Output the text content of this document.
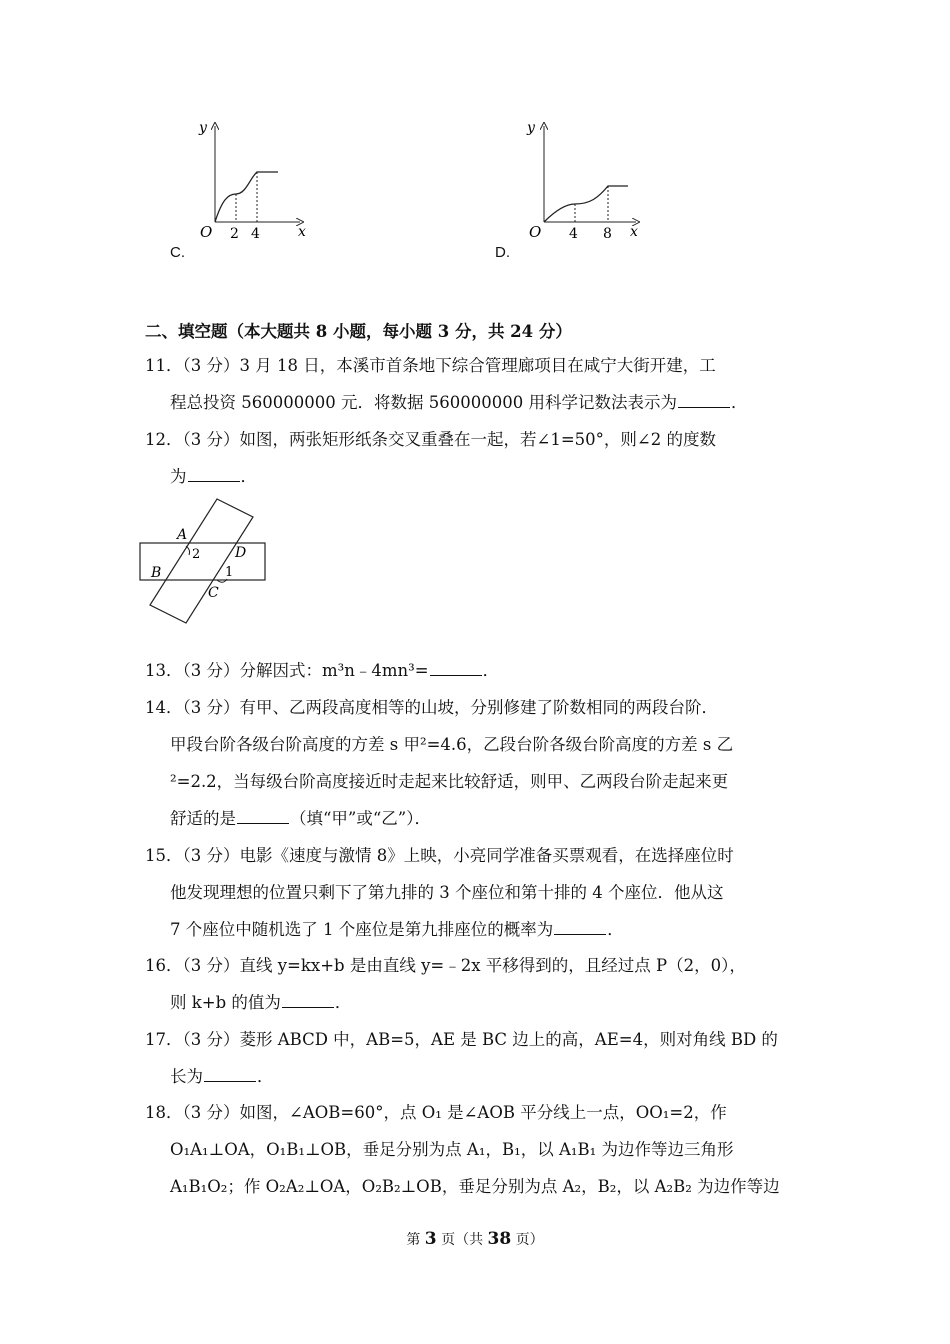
y
x
O 2 4
C.
y
x
O 4 8
D.
二、填空题（本大题共 8 小题，每小题 3 分，共 24 分）
11．（3 分）3 月 18 日，本溪市首条地下综合管理廊项目在咸宁大街开建，工
程总投资 560000000 元．将数据 560000000 用科学记数法表示为	．
12．（3 分）如图，两张矩形纸条交叉重叠在一起，若∠1=50°，则∠2 的度数
为	．
A
B
C
D
2
1
13．（3 分）分解因式：m³n﹣4mn³=	．
14．（3 分）有甲、乙两段高度相等的山坡，分别修建了阶数相同的两段台阶．
甲段台阶各级台阶高度的方差 s 甲²=4.6，乙段台阶各级台阶高度的方差 s 乙
²=2.2，当每级台阶高度接近时走起来比较舒适，则甲、乙两段台阶走起来更
舒适的是	（填“甲”或“乙”）．
15．（3 分）电影《速度与激情 8》上映，小亮同学准备买票观看，在选择座位时
他发现理想的位置只剩下了第九排的 3 个座位和第十排的 4 个座位．他从这
7 个座位中随机选了 1 个座位是第九排座位的概率为	．
16．（3 分）直线 y=kx+b 是由直线 y=﹣2x 平移得到的，且经过点 P（2，0），
则 k+b 的值为	．
17．（3 分）菱形 ABCD 中，AB=5，AE 是 BC 边上的高，AE=4，则对角线 BD 的
长为	．
18．（3 分）如图，∠AOB=60°，点 O₁ 是∠AOB 平分线上一点，OO₁=2，作
O₁A₁⊥OA，O₁B₁⊥OB，垂足分别为点 A₁，B₁，以 A₁B₁ 为边作等边三角形
A₁B₁O₂；作 O₂A₂⊥OA，O₂B₂⊥OB，垂足分别为点 A₂，B₂，以 A₂B₂ 为边作等边
第 3 页（共 38 页）
